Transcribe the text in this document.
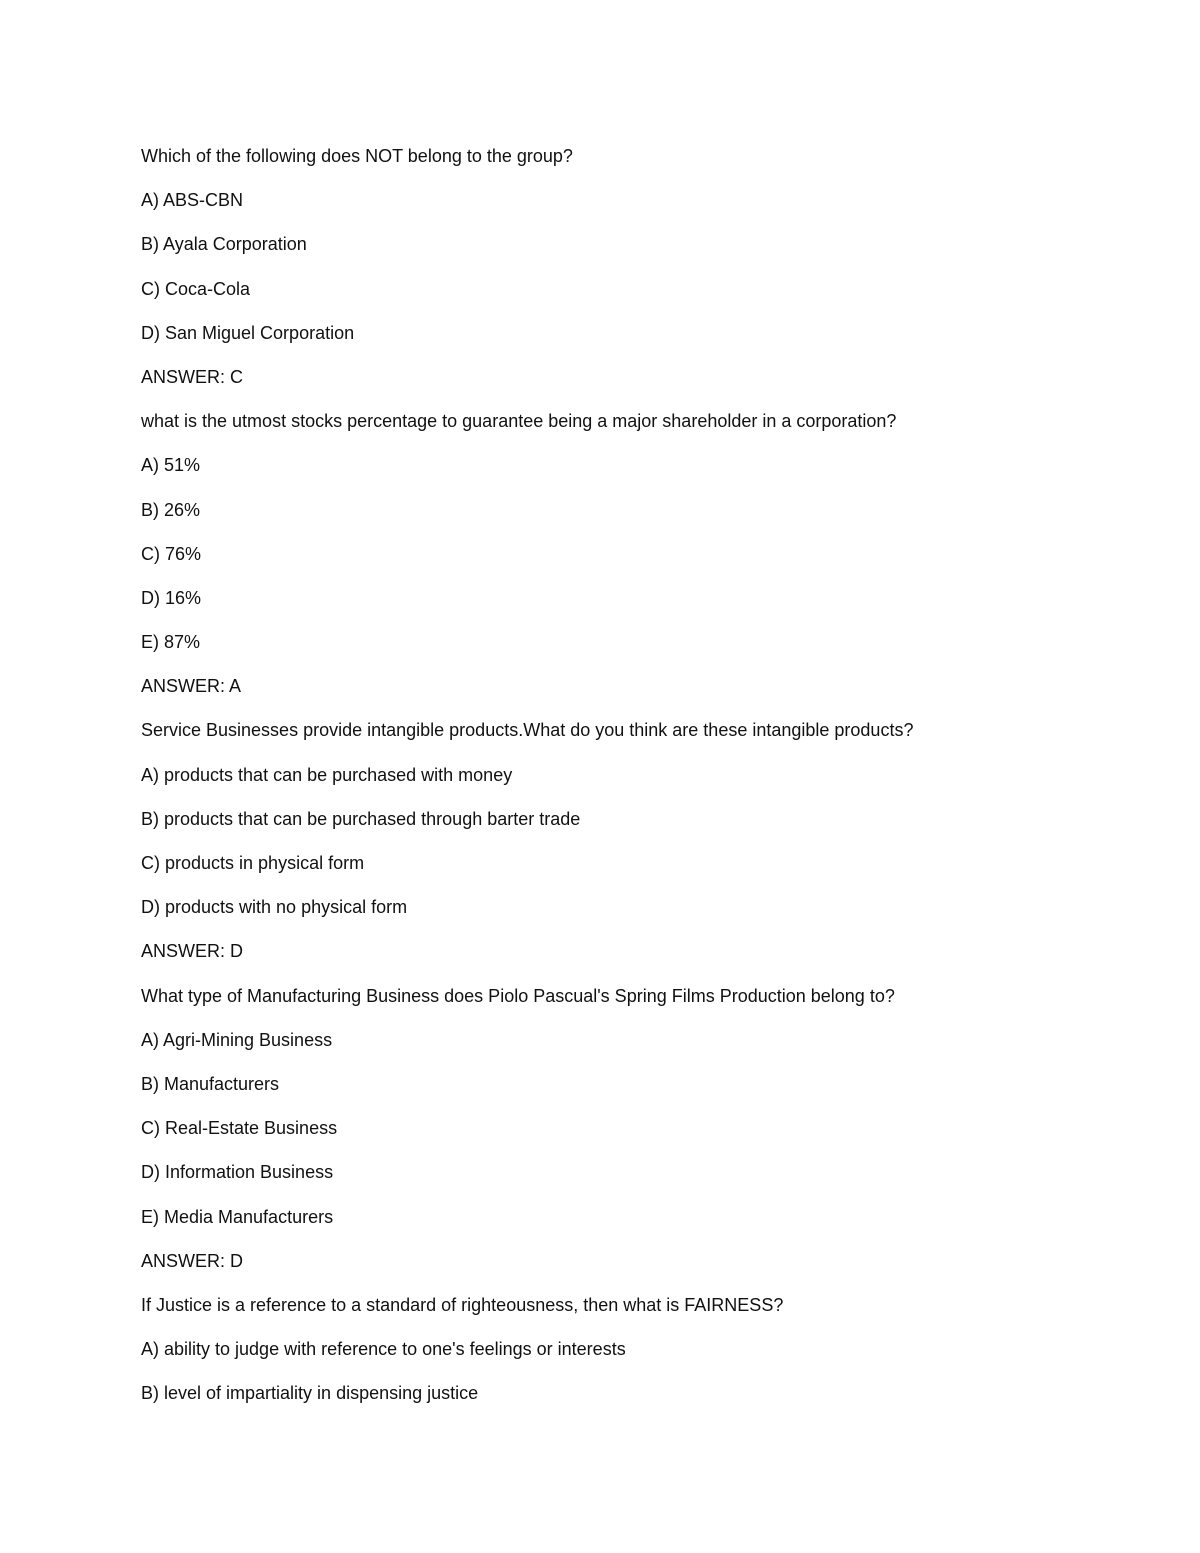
Which of the following does NOT belong to the group?
A) ABS-CBN
B) Ayala Corporation
C) Coca-Cola
D) San Miguel Corporation
ANSWER: C
what is the utmost stocks percentage to guarantee being a major shareholder in a corporation?
A) 51%
B) 26%
C) 76%
D) 16%
E) 87%
ANSWER: A
Service Businesses provide intangible products.What do you think are these intangible products?
A) products that can be purchased with money
B) products that can be purchased through barter trade
C) products in physical form
D) products with no physical form
ANSWER: D
What type of Manufacturing Business does Piolo Pascual's Spring Films Production belong to?
A) Agri-Mining Business
B) Manufacturers
C) Real-Estate Business
D) Information Business
E) Media Manufacturers
ANSWER: D
If Justice is a reference to a standard of righteousness, then what is FAIRNESS?
A) ability to judge with reference to one's feelings or interests
B) level of impartiality in dispensing justice
